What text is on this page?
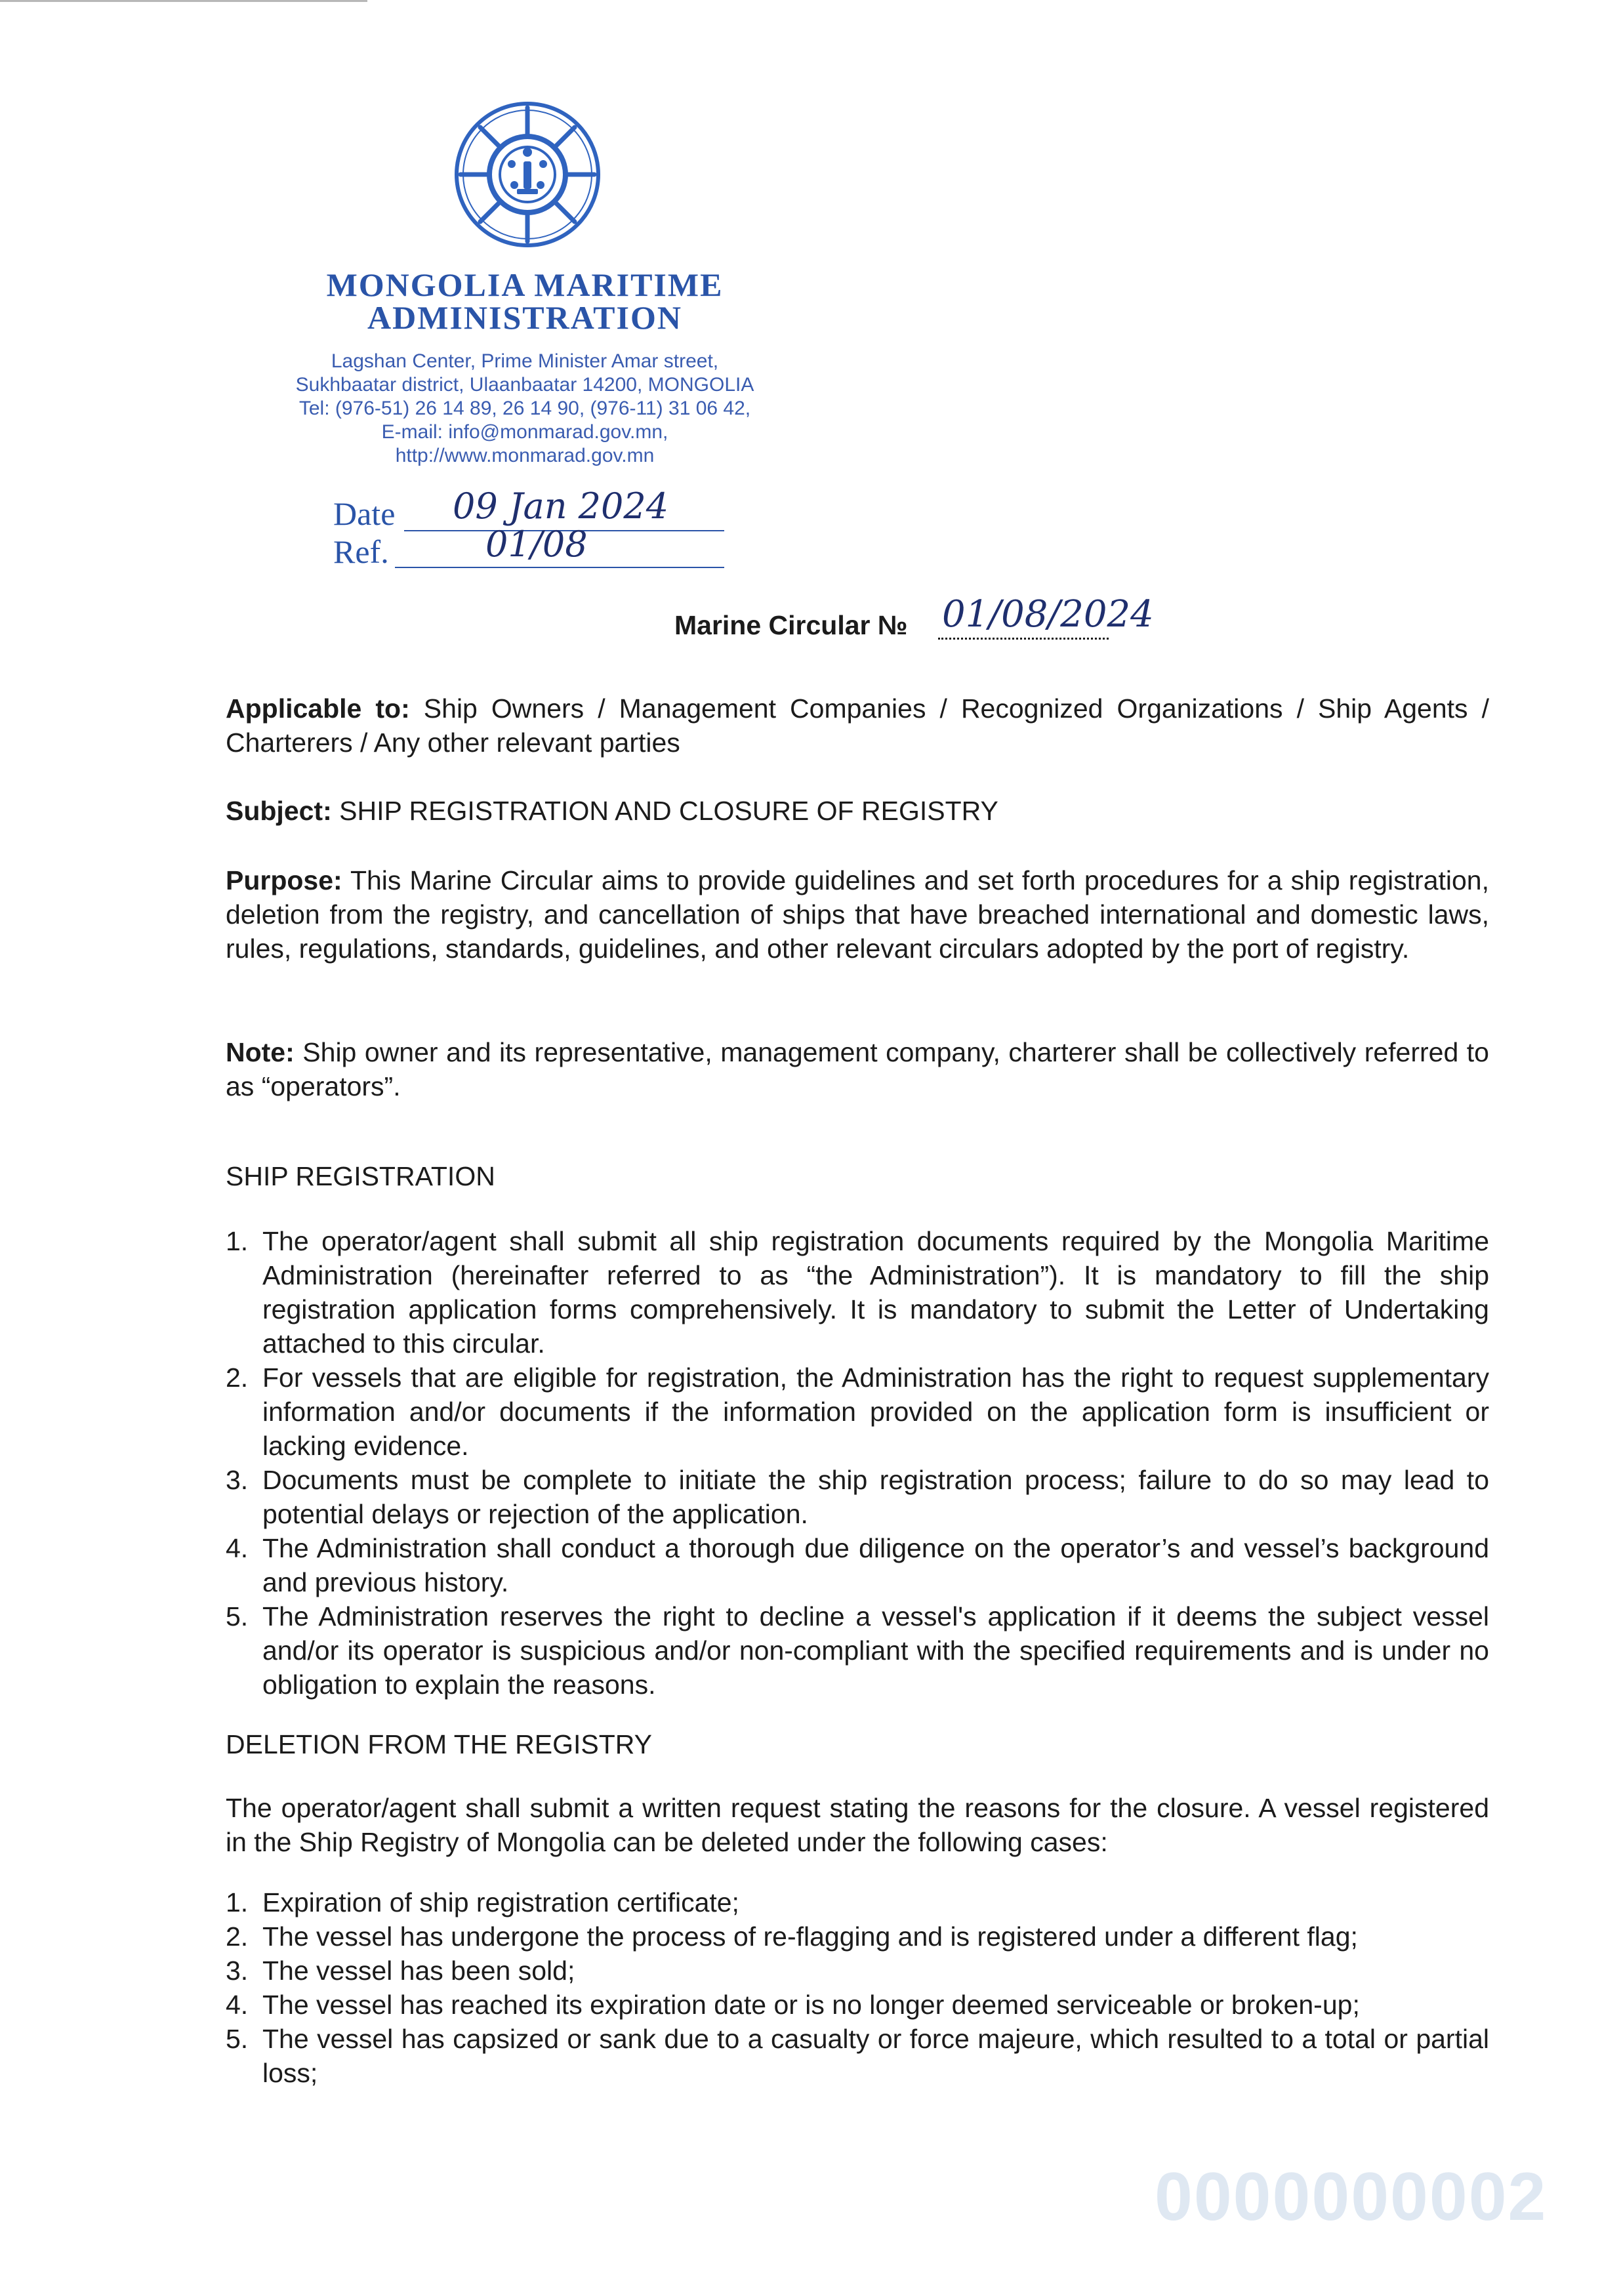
MONGOLIA MARITIME
ADMINISTRATION
Lagshan Center, Prime Minister Amar street,
Sukhbaatar district, Ulaanbaatar 14200, MONGOLIA
Tel: (976-51) 26 14 89, 26 14 90, (976-11) 31 06 42,
E-mail: info@monmarad.gov.mn,
http://www.monmarad.gov.mn
Date 09 Jan 2024
Ref.	01/08
Marine Circular № 01/08/2024
Applicable to: Ship Owners / Management Companies / Recognized Organizations / Ship Agents / Charterers / Any other relevant parties
Subject: SHIP REGISTRATION AND CLOSURE OF REGISTRY
Purpose: This Marine Circular aims to provide guidelines and set forth procedures for a ship registration, deletion from the registry, and cancellation of ships that have breached international and domestic laws, rules, regulations, standards, guidelines, and other relevant circulars adopted by the port of registry.
Note: Ship owner and its representative, management company, charterer shall be collectively referred to as “operators”.
SHIP REGISTRATION
1. The operator/agent shall submit all ship registration documents required by the Mongolia Maritime Administration (hereinafter referred to as “the Administration”). It is mandatory to fill the ship registration application forms comprehensively. It is mandatory to submit the Letter of Undertaking attached to this circular.
2. For vessels that are eligible for registration, the Administration has the right to request supplementary information and/or documents if the information provided on the application form is insufficient or lacking evidence.
3. Documents must be complete to initiate the ship registration process; failure to do so may lead to potential delays or rejection of the application.
4. The Administration shall conduct a thorough due diligence on the operator’s and vessel’s background and previous history.
5. The Administration reserves the right to decline a vessel's application if it deems the subject vessel and/or its operator is suspicious and/or non-compliant with the specified requirements and is under no obligation to explain the reasons.
DELETION FROM THE REGISTRY
The operator/agent shall submit a written request stating the reasons for the closure. A vessel registered in the Ship Registry of Mongolia can be deleted under the following cases:
1. Expiration of ship registration certificate;
2. The vessel has undergone the process of re-flagging and is registered under a different flag;
3. The vessel has been sold;
4. The vessel has reached its expiration date or is no longer deemed serviceable or broken-up;
5. The vessel has capsized or sank due to a casualty or force majeure, which resulted to a total or partial loss;
0000000002
